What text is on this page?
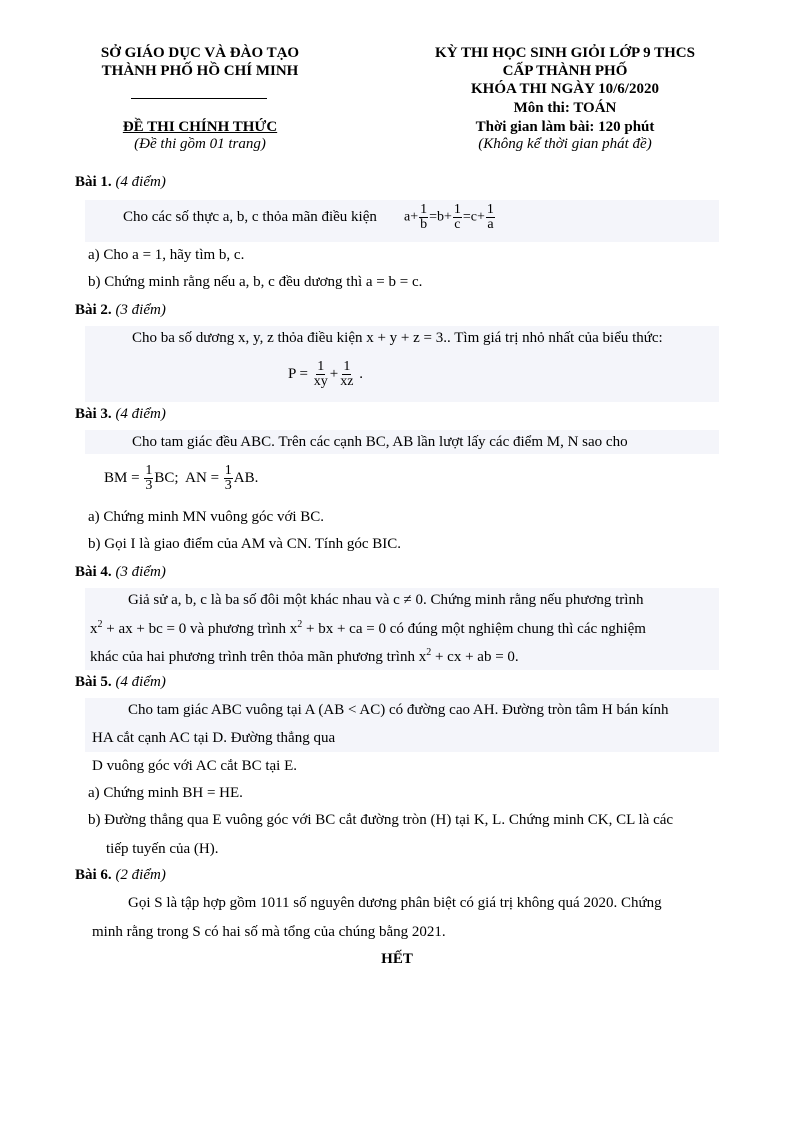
SỞ GIÁO DỤC VÀ ĐÀO TẠO
THÀNH PHỐ HỒ CHÍ MINH
ĐỀ THI CHÍNH THỨC
(Đề thi gồm 01 trang)
KỲ THI HỌC SINH GIỎI LỚP 9 THCS
CẤP THÀNH PHỐ
KHÓA THI NGÀY 10/6/2020
Môn thi: TOÁN
Thời gian làm bài: 120 phút
(Không kể thời gian phát đề)
Bài 1. (4 điểm)
Cho các số thực a, b, c thỏa mãn điều kiện $a+ \frac{1}{b} =b+ \frac{1}{c} =c+ \frac{1}{a}$
a) Cho a = 1, hãy tìm b, c.
b) Chứng minh rằng nếu a, b, c đều dương thì a = b = c.
Bài 2. (3 điểm)
Cho ba số dương x, y, z thỏa điều kiện x + y + z = 3.. Tìm giá trị nhỏ nhất của biểu thức:
$P = \frac{1}{xy} + \frac{1}{xz}$ .
Bài 3. (4 điểm)
Cho tam giác đều ABC. Trên các cạnh BC, AB lần lượt lấy các điểm M, N sao cho
BM = $\frac{1}{3}$ BC;  AN = $\frac{1}{3}$ AB.
a) Chứng minh MN vuông góc với BC.
b) Gọi I là giao điểm của AM và CN. Tính góc BIC.
Bài 4. (3 điểm)
Giả sử a, b, c là ba số đôi một khác nhau và c ≠ 0. Chứng minh rằng nếu phương trình
$x^2$ + ax + bc = 0 và phương trình $x^2$ + bx + ca = 0 có đúng một nghiệm chung thì các nghiệm
khác của hai phương trình trên thỏa mãn phương trình $x^2$ + cx + ab = 0.
Bài 5. (4 điểm)
Cho tam giác ABC vuông tại A (AB < AC) có đường cao AH. Đường tròn tâm H bán kính
HA cắt cạnh AC tại D. Đường thẳng qua
D vuông góc với AC cắt BC tại E.
a) Chứng minh BH = HE.
b) Đường thẳng qua E vuông góc với BC cắt đường tròn (H) tại K, L. Chứng minh CK, CL là các
tiếp tuyến của (H).
Bài 6. (2 điểm)
Gọi S là tập hợp gồm 1011 số nguyên dương phân biệt có giá trị không quá 2020. Chứng
minh rằng trong S có hai số mà tổng của chúng bằng 2021.
HẾT
